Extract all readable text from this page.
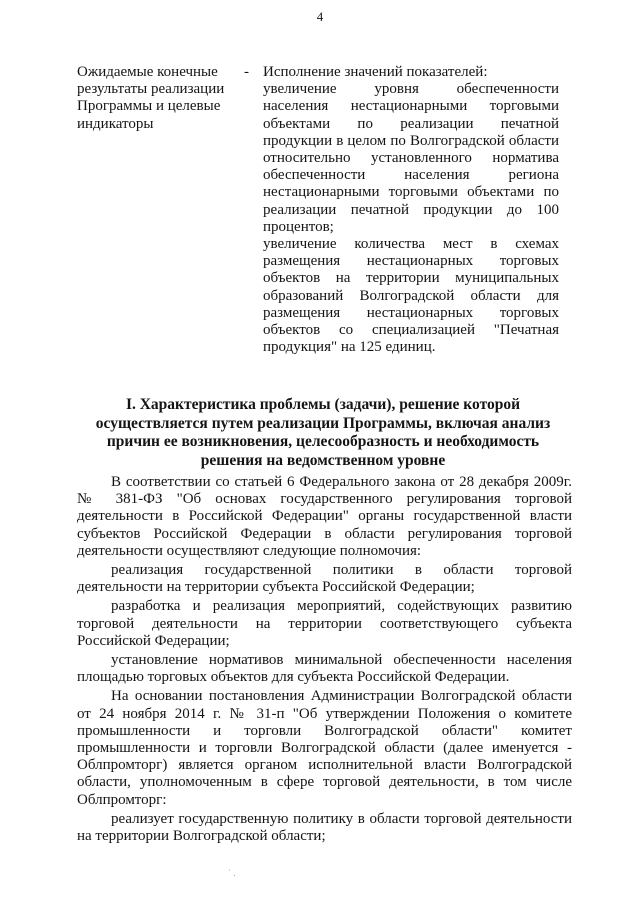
4
Ожидаемые конечные
результаты реализации
Программы и целевые
индикаторы
- Исполнение значений показателей:

увеличение уровня обеспеченности населения нестационарными торговыми объектами по реализации печатной продукции в целом по Волгоградской области относительно установленного норматива обеспеченности населения региона нестационарными торговыми объектами по реализации печатной продукции до 100 процентов;

увеличение количества мест в схемах размещения нестационарных торговых объектов на территории муниципальных образований Волгоградской области для размещения нестационарных торговых объектов со специализацией "Печатная продукция" на 125 единиц.

I. Характеристика проблемы (задачи), решение которой осуществляется путем реализации Программы, включая анализ причин ее возникновения, целесообразность и необходимость решения на ведомственном уровне

В соответствии со статьей 6 Федерального закона от 28 декабря 2009г. № 381-ФЗ "Об основах государственного регулирования торговой деятельности в Российской Федерации" органы государственной власти субъектов Российской Федерации в области регулирования торговой деятельности осуществляют следующие полномочия:

реализация государственной политики в области торговой деятельности на территории субъекта Российской Федерации;

разработка и реализация мероприятий, содействующих развитию торговой деятельности на территории соответствующего субъекта Российской Федерации;

установление нормативов минимальной обеспеченности населения площадью торговых объектов для субъекта Российской Федерации.

На основании постановления Администрации Волгоградской области от 24 ноября 2014 г. № 31-п "Об утверждении Положения о комитете промышленности и торговли Волгоградской области" комитет промышленности и торговли Волгоградской области (далее именуется - Облпромторг) является органом исполнительной власти Волгоградской области, уполномоченным в сфере торговой деятельности, в том числе Облпромторг:

реализует государственную политику в области торговой деятельности на территории Волгоградской области;

˙ .
